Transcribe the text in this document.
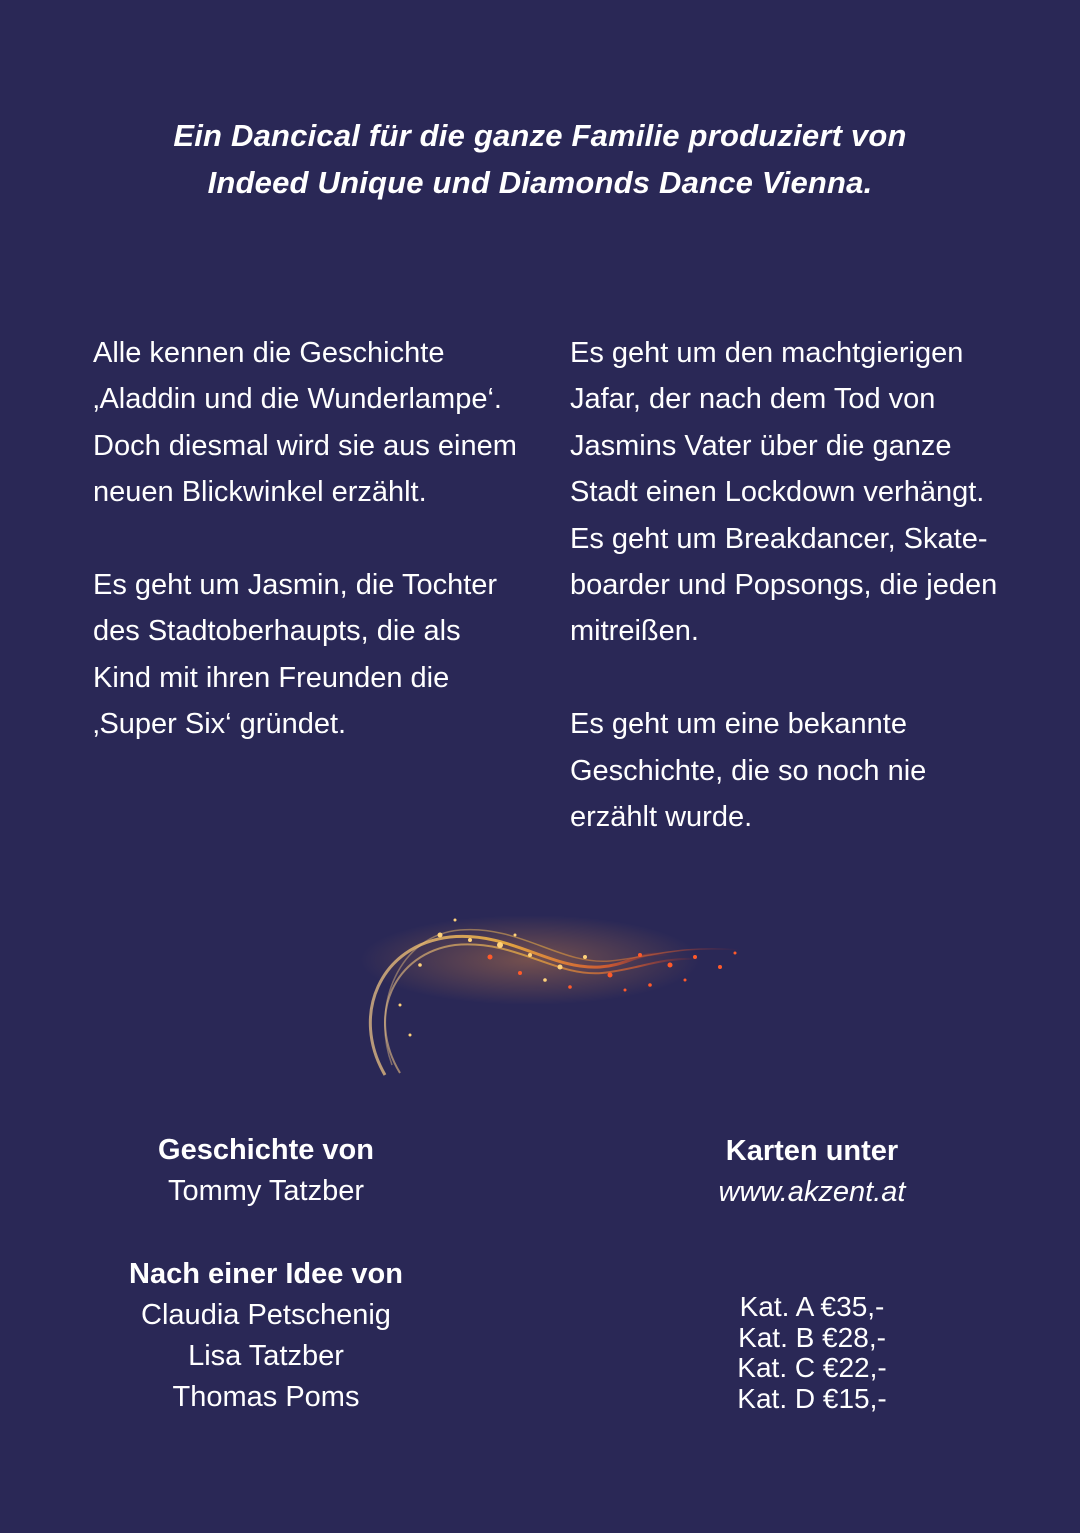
Ein Dancical für die ganze Familie produziert von
Indeed Unique und Diamonds Dance Vienna.

Alle kennen die Geschichte
‚Aladdin und die Wunderlampe‘.
Doch diesmal wird sie aus einem
neuen Blickwinkel erzählt.

Es geht um Jasmin, die Tochter
des Stadtoberhaupts, die als
Kind mit ihren Freunden die
‚Super Six‘ gründet.

Es geht um den machtgierigen
Jafar, der nach dem Tod von
Jasmins Vater über die ganze
Stadt einen Lockdown verhängt.
Es geht um Breakdancer, Skate-
boarder und Popsongs, die jeden
mitreißen.

Es geht um eine bekannte
Geschichte, die so noch nie
erzählt wurde.

Geschichte von
Tommy Tatzber
Nach einer Idee von
Claudia Petschenig
Lisa Tatzber
Thomas Poms
Karten unter
www.akzent.at
Kat. A €35,-
Kat. B €28,-
Kat. C €22,-
Kat. D €15,-
